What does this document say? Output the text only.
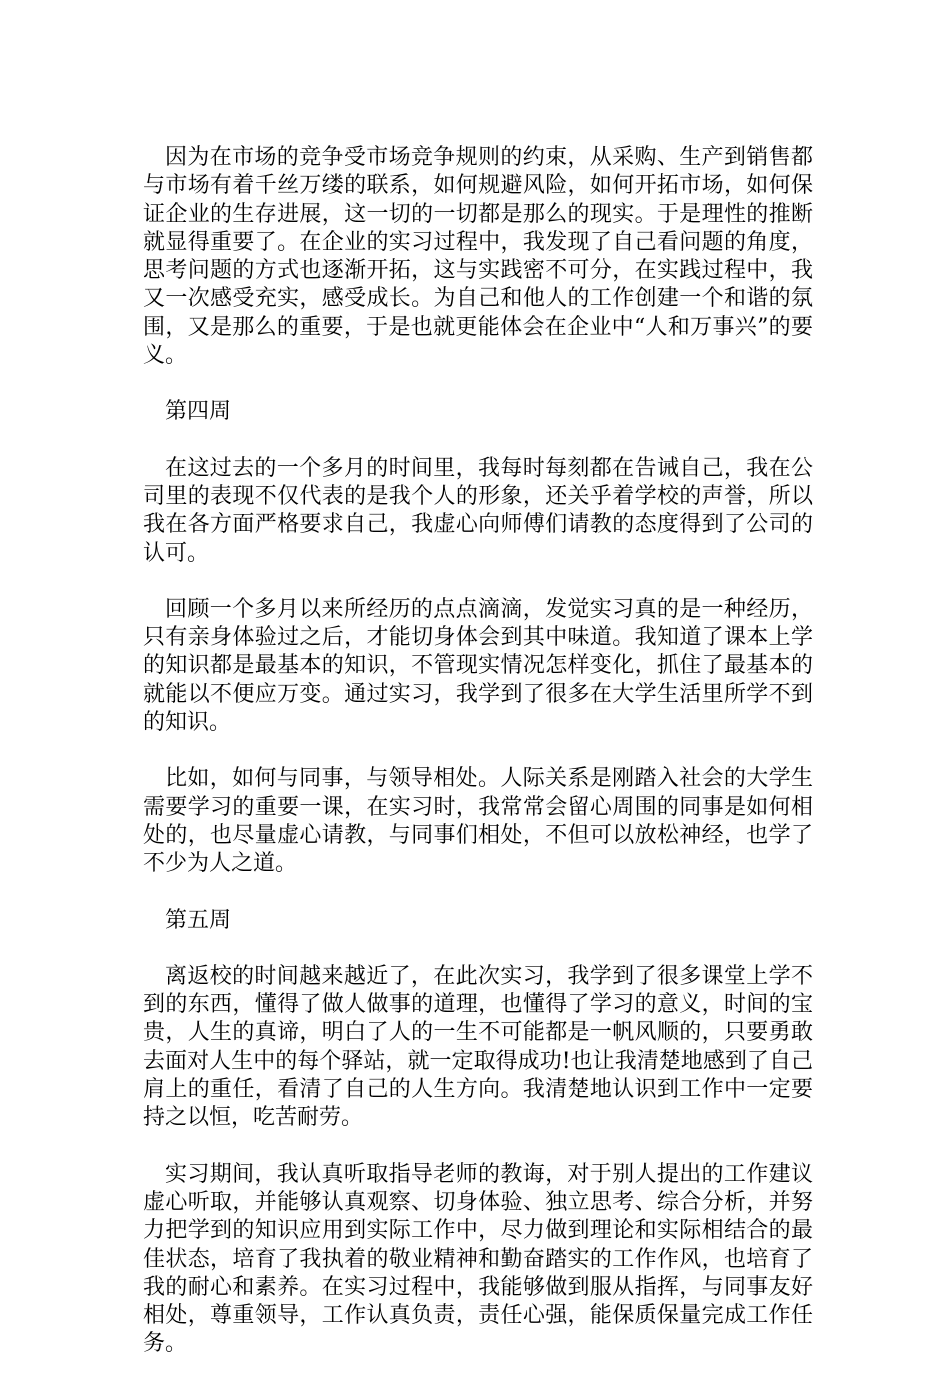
因为在市场的竞争受市场竞争规则的约束，从采购、生产到销售都与市场有着千丝万缕的联系，如何规避风险，如何开拓市场，如何保证企业的生存进展，这一切的一切都是那么的现实。于是理性的推断就显得重要了。在企业的实习过程中，我发现了自己看问题的角度，思考问题的方式也逐渐开拓，这与实践密不可分，在实践过程中，我又一次感受充实，感受成长。为自己和他人的工作创建一个和谐的氛围，又是那么的重要，于是也就更能体会在企业中“人和万事兴”的要义。

第四周

在这过去的一个多月的时间里，我每时每刻都在告诫自己，我在公司里的表现不仅代表的是我个人的形象，还关乎着学校的声誉，所以我在各方面严格要求自己，我虚心向师傅们请教的态度得到了公司的认可。

回顾一个多月以来所经历的点点滴滴，发觉实习真的是一种经历，只有亲身体验过之后，才能切身体会到其中味道。我知道了课本上学的知识都是最基本的知识，不管现实情况怎样变化，抓住了最基本的就能以不便应万变。通过实习，我学到了很多在大学生活里所学不到的知识。

比如，如何与同事，与领导相处。人际关系是刚踏入社会的大学生需要学习的重要一课，在实习时，我常常会留心周围的同事是如何相处的，也尽量虚心请教，与同事们相处，不但可以放松神经，也学了不少为人之道。

第五周

离返校的时间越来越近了，在此次实习，我学到了很多课堂上学不到的东西，懂得了做人做事的道理，也懂得了学习的意义，时间的宝贵，人生的真谛，明白了人的一生不可能都是一帆风顺的，只要勇敢去面对人生中的每个驿站，就一定取得成功!也让我清楚地感到了自己肩上的重任，看清了自己的人生方向。我清楚地认识到工作中一定要持之以恒，吃苦耐劳。

实习期间，我认真听取指导老师的教诲，对于别人提出的工作建议虚心听取，并能够认真观察、切身体验、独立思考、综合分析，并努力把学到的知识应用到实际工作中，尽力做到理论和实际相结合的最佳状态，培育了我执着的敬业精神和勤奋踏实的工作作风，也培育了我的耐心和素养。在实习过程中，我能够做到服从指挥，与同事友好相处，尊重领导，工作认真负责，责任心强，能保质保量完成工作任务。
